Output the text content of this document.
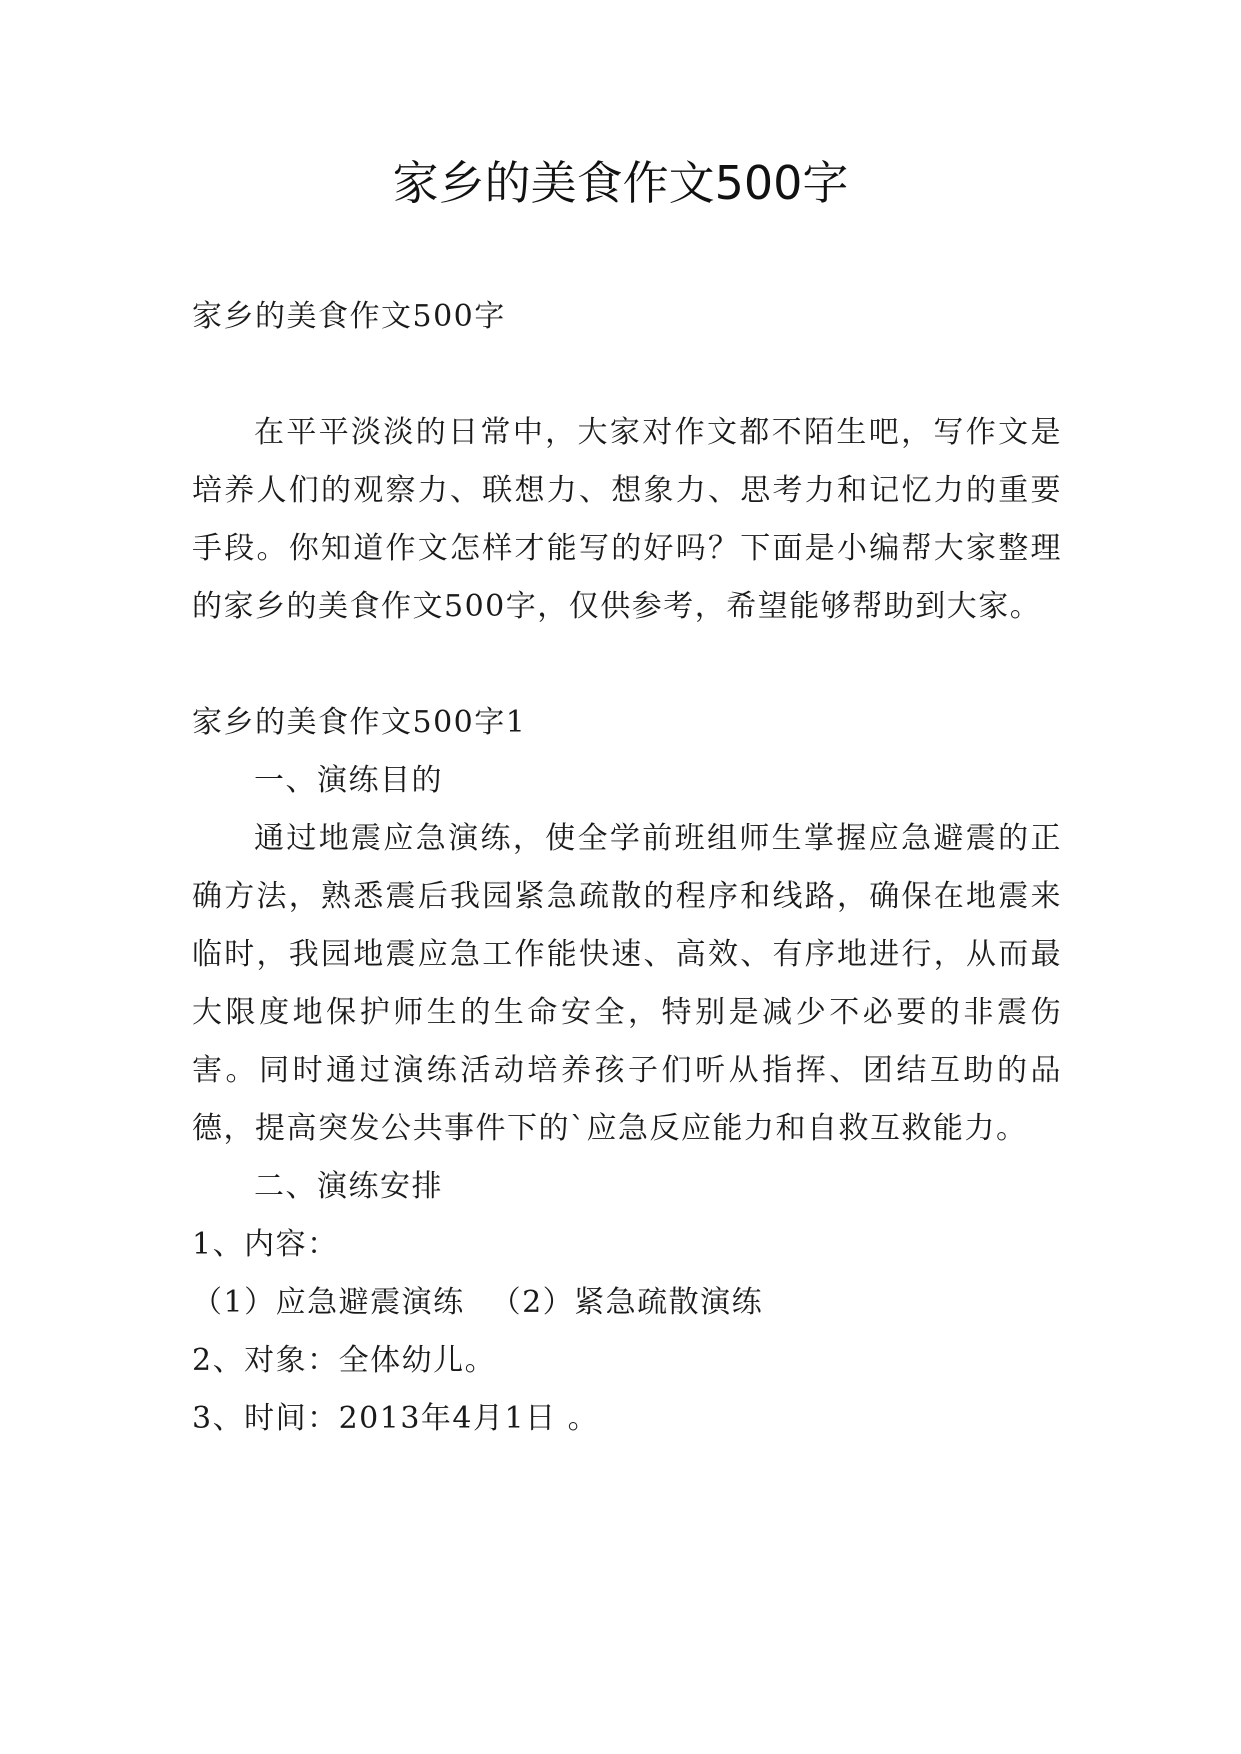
家乡的美食作文500字

家乡的美食作文500字

在平平淡淡的日常中，大家对作文都不陌生吧，写作文是培养人们的观察力、联想力、想象力、思考力和记忆力的重要手段。你知道作文怎样才能写的好吗？下面是小编帮大家整理的家乡的美食作文500字，仅供参考，希望能够帮助到大家。

家乡的美食作文500字1

一、演练目的

通过地震应急演练，使全学前班组师生掌握应急避震的正确方法，熟悉震后我园紧急疏散的程序和线路，确保在地震来临时，我园地震应急工作能快速、高效、有序地进行，从而最大限度地保护师生的生命安全，特别是减少不必要的非震伤害。同时通过演练活动培养孩子们听从指挥、团结互助的品德，提高突发公共事件下的`应急反应能力和自救互救能力。

二、演练安排

1、内容：

（1）应急避震演练 （2）紧急疏散演练

2、对象：全体幼儿。

3、时间：2013年4月1日 。
